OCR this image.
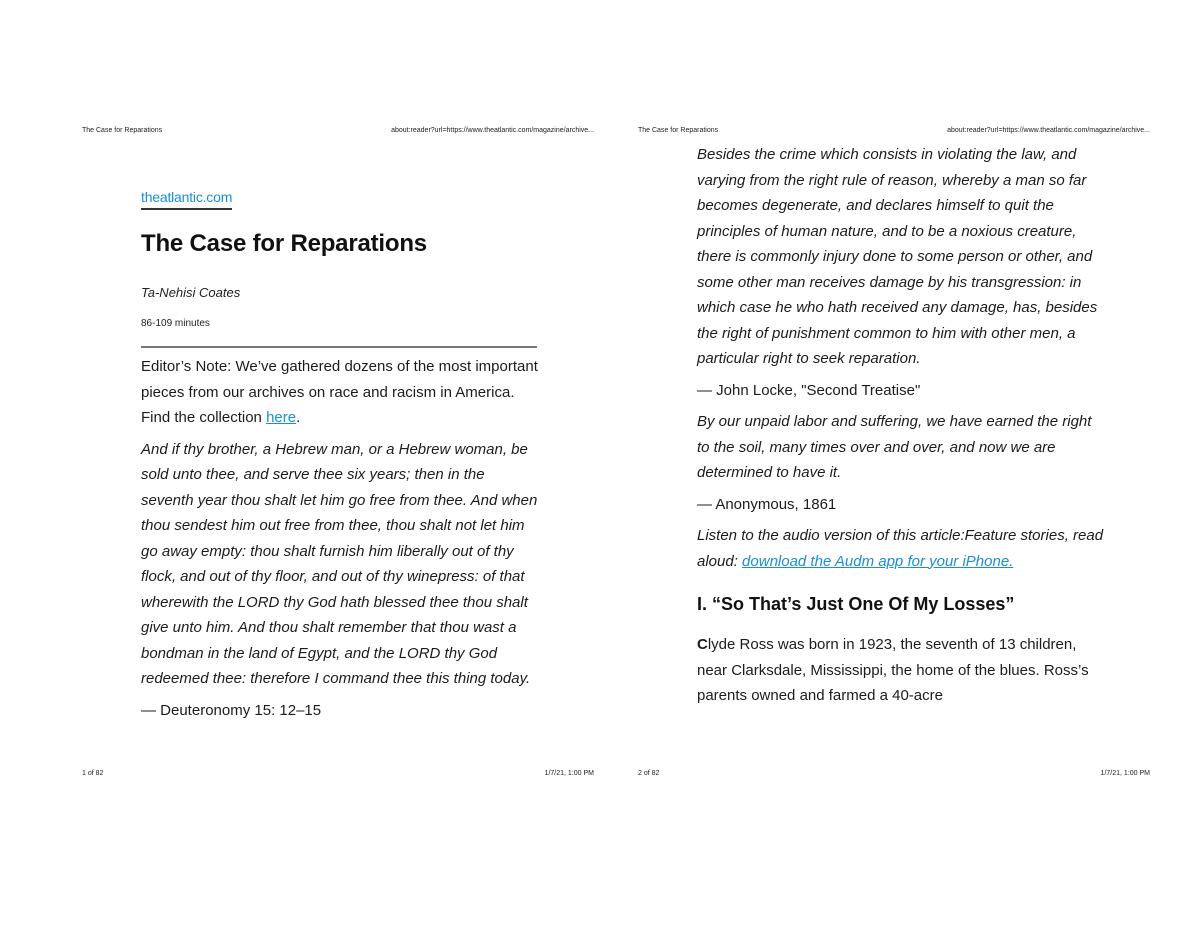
The Case for Reparations	about:reader?url=https://www.theatlantic.com/magazine/archive...
theatlantic.com
The Case for Reparations
Ta-Nehisi Coates
86-109 minutes

Editor’s Note: We’ve gathered dozens of the most important pieces from our archives on race and racism in America. Find the collection here.

And if thy brother, a Hebrew man, or a Hebrew woman, be sold unto thee, and serve thee six years; then in the seventh year thou shalt let him go free from thee. And when thou sendest him out free from thee, thou shalt not let him go away empty: thou shalt furnish him liberally out of thy flock, and out of thy floor, and out of thy winepress: of that wherewith the LORD thy God hath blessed thee thou shalt give unto him. And thou shalt remember that thou wast a bondman in the land of Egypt, and the LORD thy God redeemed thee: therefore I command thee this thing today.

— Deuteronomy 15: 12–15

1 of 82	1/7/21, 1:00 PM
The Case for Reparations	about:reader?url=https://www.theatlantic.com/magazine/archive...

Besides the crime which consists in violating the law, and varying from the right rule of reason, whereby a man so far becomes degenerate, and declares himself to quit the principles of human nature, and to be a noxious creature, there is commonly injury done to some person or other, and some other man receives damage by his transgression: in which case he who hath received any damage, has, besides the right of punishment common to him with other men, a particular right to seek reparation.

— John Locke, "Second Treatise"

By our unpaid labor and suffering, we have earned the right to the soil, many times over and over, and now we are determined to have it.

— Anonymous, 1861

Listen to the audio version of this article:Feature stories, read aloud: download the Audm app for your iPhone.

I. “So That’s Just One Of My Losses”

Clyde Ross was born in 1923, the seventh of 13 children, near Clarksdale, Mississippi, the home of the blues. Ross’s parents owned and farmed a 40-acre

2 of 82	1/7/21, 1:00 PM
